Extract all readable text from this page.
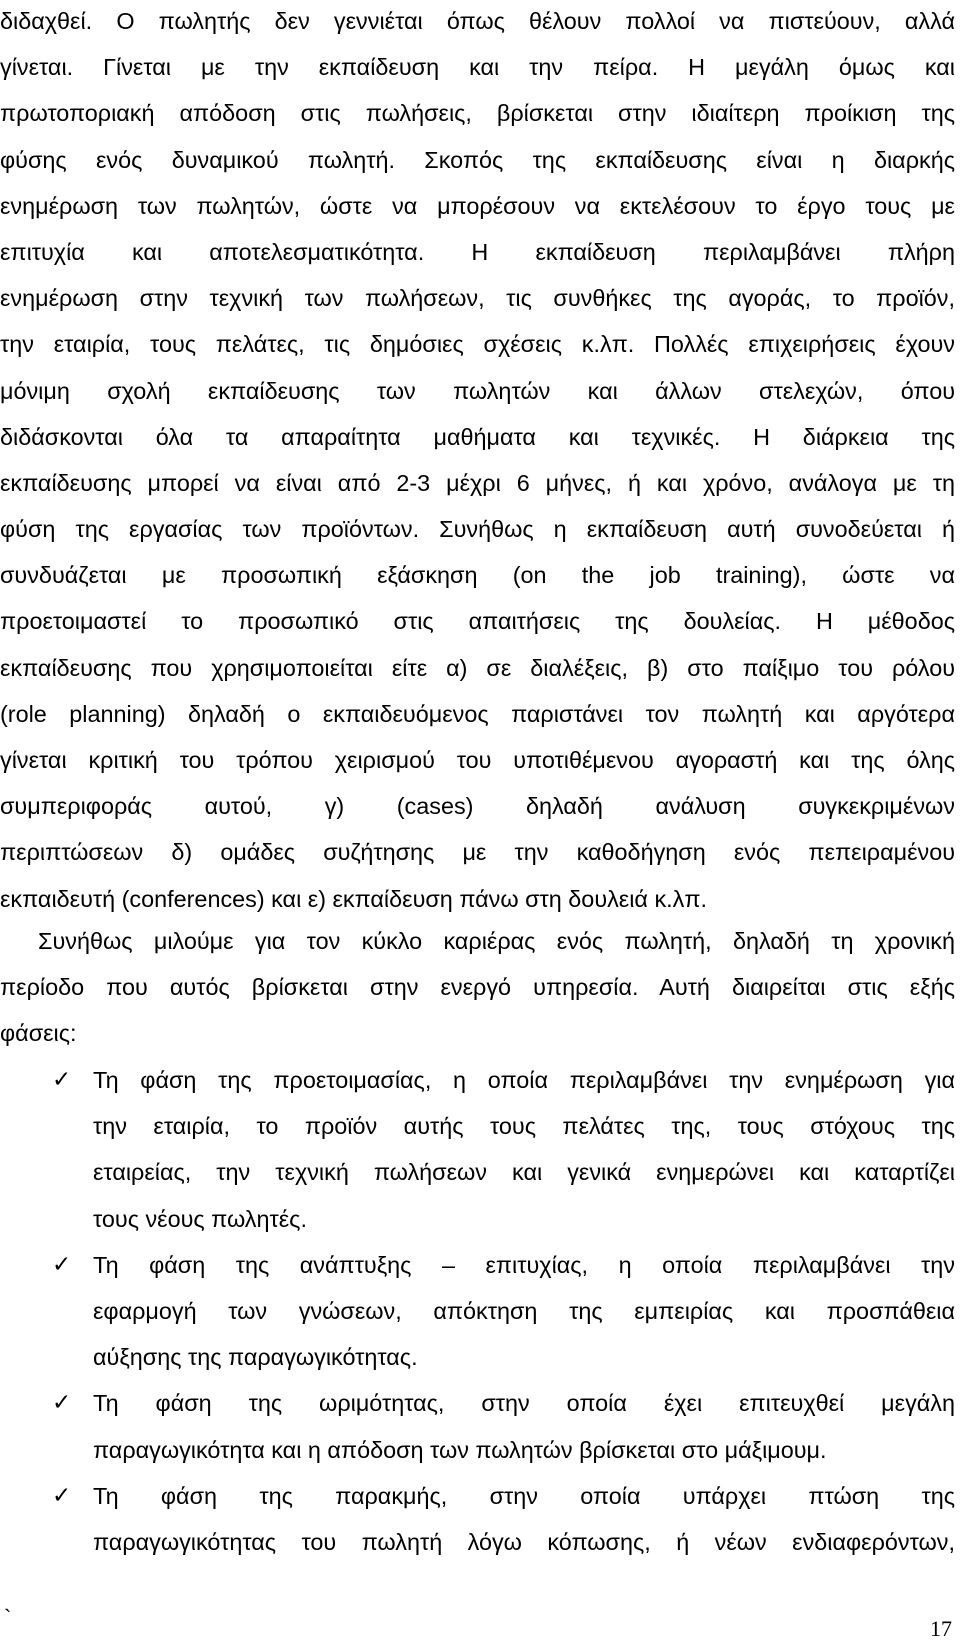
διδαχθεί. Ο πωλητής δεν γεννιέται όπως θέλουν πολλοί να πιστεύουν, αλλά
γίνεται. Γίνεται με την εκπαίδευση και την πείρα. Η μεγάλη όμως και
πρωτοποριακή απόδοση στις πωλήσεις, βρίσκεται στην ιδιαίτερη προίκιση της
φύσης ενός δυναμικού πωλητή. Σκοπός της εκπαίδευσης είναι η διαρκής
ενημέρωση των πωλητών, ώστε να μπορέσουν να εκτελέσουν το έργο τους με
επιτυχία και αποτελεσματικότητα. Η εκπαίδευση περιλαμβάνει πλήρη
ενημέρωση στην τεχνική των πωλήσεων, τις συνθήκες της αγοράς, το προϊόν,
την εταιρία, τους πελάτες, τις δημόσιες σχέσεις κ.λπ. Πολλές επιχειρήσεις έχουν
μόνιμη σχολή εκπαίδευσης των πωλητών και άλλων στελεχών, όπου
διδάσκονται όλα τα απαραίτητα μαθήματα και τεχνικές. Η διάρκεια της
εκπαίδευσης μπορεί να είναι από 2-3 μέχρι 6 μήνες, ή και χρόνο, ανάλογα με τη
φύση της εργασίας των προϊόντων. Συνήθως η εκπαίδευση αυτή συνοδεύεται ή
συνδυάζεται με προσωπική εξάσκηση (on the job training), ώστε να
προετοιμαστεί το προσωπικό στις απαιτήσεις της δουλείας. Η μέθοδος
εκπαίδευσης που χρησιμοποιείται είτε α) σε διαλέξεις, β) στο παίξιμο του ρόλου
(role planning) δηλαδή ο εκπαιδευόμενος παριστάνει τον πωλητή και αργότερα
γίνεται κριτική του τρόπου χειρισμού του υποτιθέμενου αγοραστή και της όλης
συμπεριφοράς αυτού, γ) (cases) δηλαδή ανάλυση συγκεκριμένων
περιπτώσεων δ) ομάδες συζήτησης με την καθοδήγηση ενός πεπειραμένου
εκπαιδευτή (conferences) και ε) εκπαίδευση πάνω στη δουλειά κ.λπ.
Συνήθως μιλούμε για τον κύκλο καριέρας ενός πωλητή, δηλαδή τη χρονική
περίοδο που αυτός βρίσκεται στην ενεργό υπηρεσία. Αυτή διαιρείται στις εξής
φάσεις:
✓ Τη φάση της προετοιμασίας, η οποία περιλαμβάνει την ενημέρωση για
την εταιρία, το προϊόν αυτής τους πελάτες της, τους στόχους της
εταιρείας, την τεχνική πωλήσεων και γενικά ενημερώνει και καταρτίζει
τους νέους πωλητές.
✓ Τη φάση της ανάπτυξης – επιτυχίας, η οποία περιλαμβάνει την
εφαρμογή των γνώσεων, απόκτηση της εμπειρίας και προσπάθεια
αύξησης της παραγωγικότητας.
✓ Τη φάση της ωριμότητας, στην οποία έχει επιτευχθεί μεγάλη
παραγωγικότητα και η απόδοση των πωλητών βρίσκεται στο μάξιμουμ.
✓ Τη φάση της παρακμής, στην οποία υπάρχει πτώση της
παραγωγικότητας του πωλητή λόγω κόπωσης, ή νέων ενδιαφερόντων,
`	17
